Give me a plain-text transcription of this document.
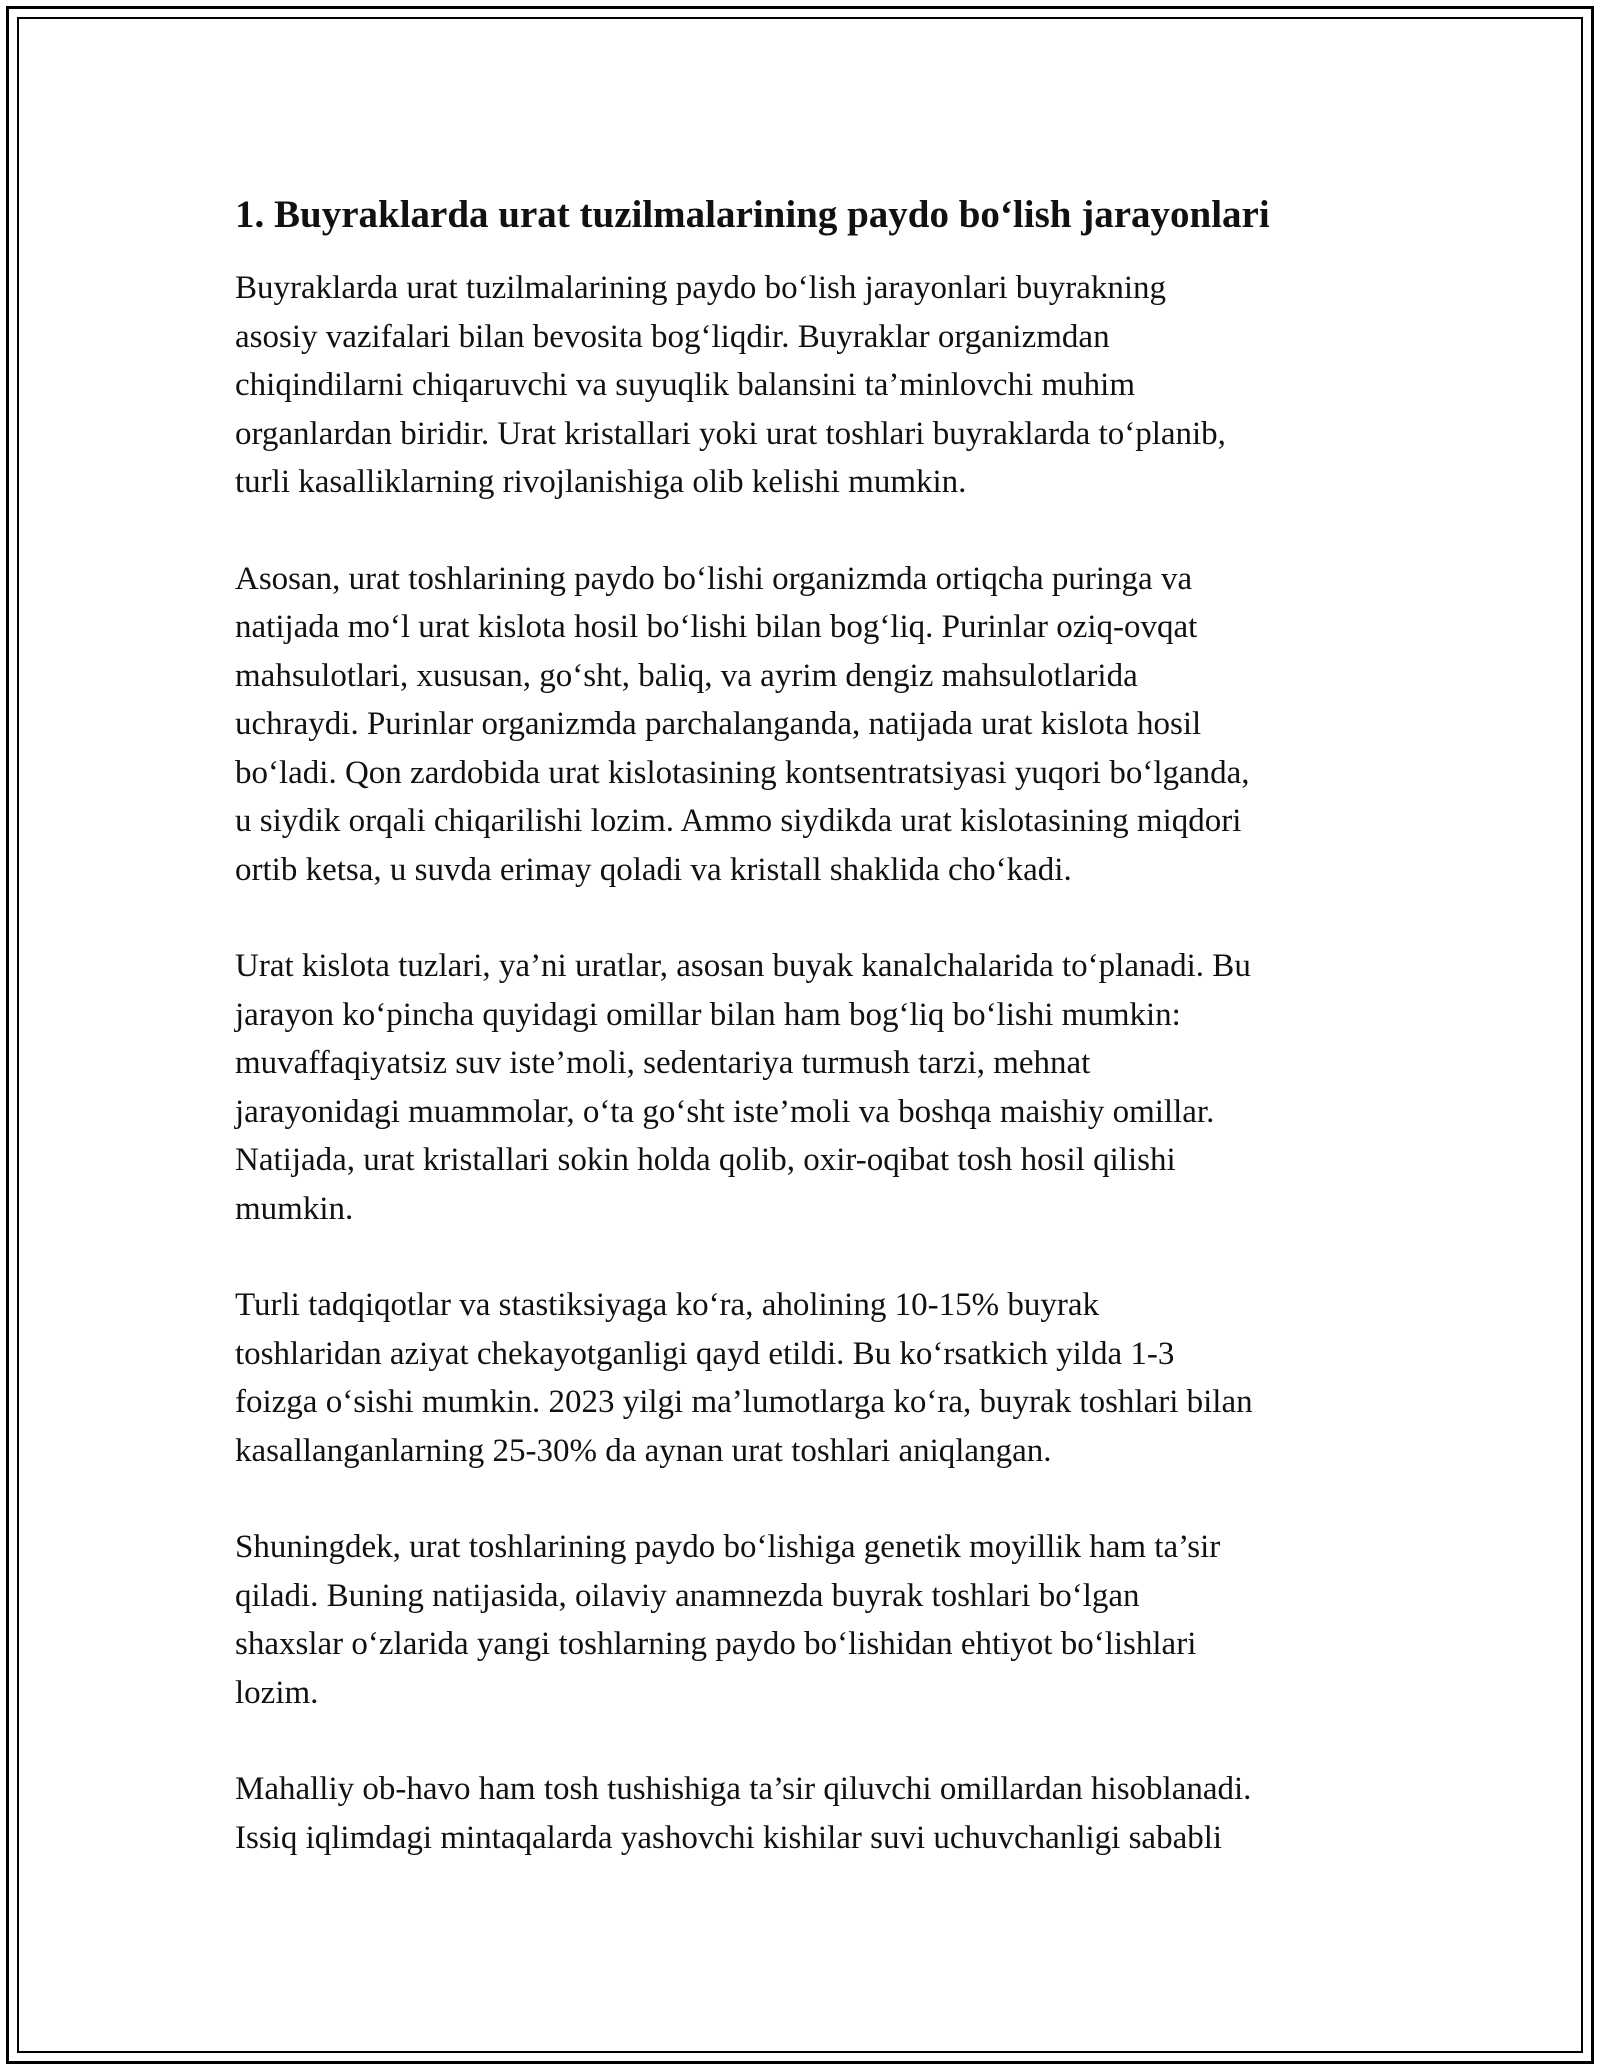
1. Buyraklarda urat tuzilmalarining paydo bo‘lish jarayonlari

Buyraklarda urat tuzilmalarining paydo bo‘lish jarayonlari buyrakning
asosiy vazifalari bilan bevosita bog‘liqdir. Buyraklar organizmdan
chiqindilarni chiqaruvchi va suyuqlik balansini ta’minlovchi muhim
organlardan biridir. Urat kristallari yoki urat toshlari buyraklarda to‘planib,
turli kasalliklarning rivojlanishiga olib kelishi mumkin.

Asosan, urat toshlarining paydo bo‘lishi organizmda ortiqcha puringa va
natijada mo‘l urat kislota hosil bo‘lishi bilan bog‘liq. Purinlar oziq-ovqat
mahsulotlari, xususan, go‘sht, baliq, va ayrim dengiz mahsulotlarida
uchraydi. Purinlar organizmda parchalanganda, natijada urat kislota hosil
bo‘ladi. Qon zardobida urat kislotasining kontsentratsiyasi yuqori bo‘lganda,
u siydik orqali chiqarilishi lozim. Ammo siydikda urat kislotasining miqdori
ortib ketsa, u suvda erimay qoladi va kristall shaklida cho‘kadi.

Urat kislota tuzlari, ya’ni uratlar, asosan buyak kanalchalarida to‘planadi. Bu
jarayon ko‘pincha quyidagi omillar bilan ham bog‘liq bo‘lishi mumkin:
muvaffaqiyatsiz suv iste’moli, sedentariya turmush tarzi, mehnat
jarayonidagi muammolar, o‘ta go‘sht iste’moli va boshqa maishiy omillar.
Natijada, urat kristallari sokin holda qolib, oxir-oqibat tosh hosil qilishi
mumkin.

Turli tadqiqotlar va stastiksiyaga ko‘ra, aholining 10-15% buyrak
toshlaridan aziyat chekayotganligi qayd etildi. Bu ko‘rsatkich yilda 1-3
foizga o‘sishi mumkin. 2023 yilgi ma’lumotlarga ko‘ra, buyrak toshlari bilan
kasallanganlarning 25-30% da aynan urat toshlari aniqlangan.

Shuningdek, urat toshlarining paydo bo‘lishiga genetik moyillik ham ta’sir
qiladi. Buning natijasida, oilaviy anamnezda buyrak toshlari bo‘lgan
shaxslar o‘zlarida yangi toshlarning paydo bo‘lishidan ehtiyot bo‘lishlari
lozim.

Mahalliy ob-havo ham tosh tushishiga ta’sir qiluvchi omillardan hisoblanadi.
Issiq iqlimdagi mintaqalarda yashovchi kishilar suvi uchuvchanligi sababli
